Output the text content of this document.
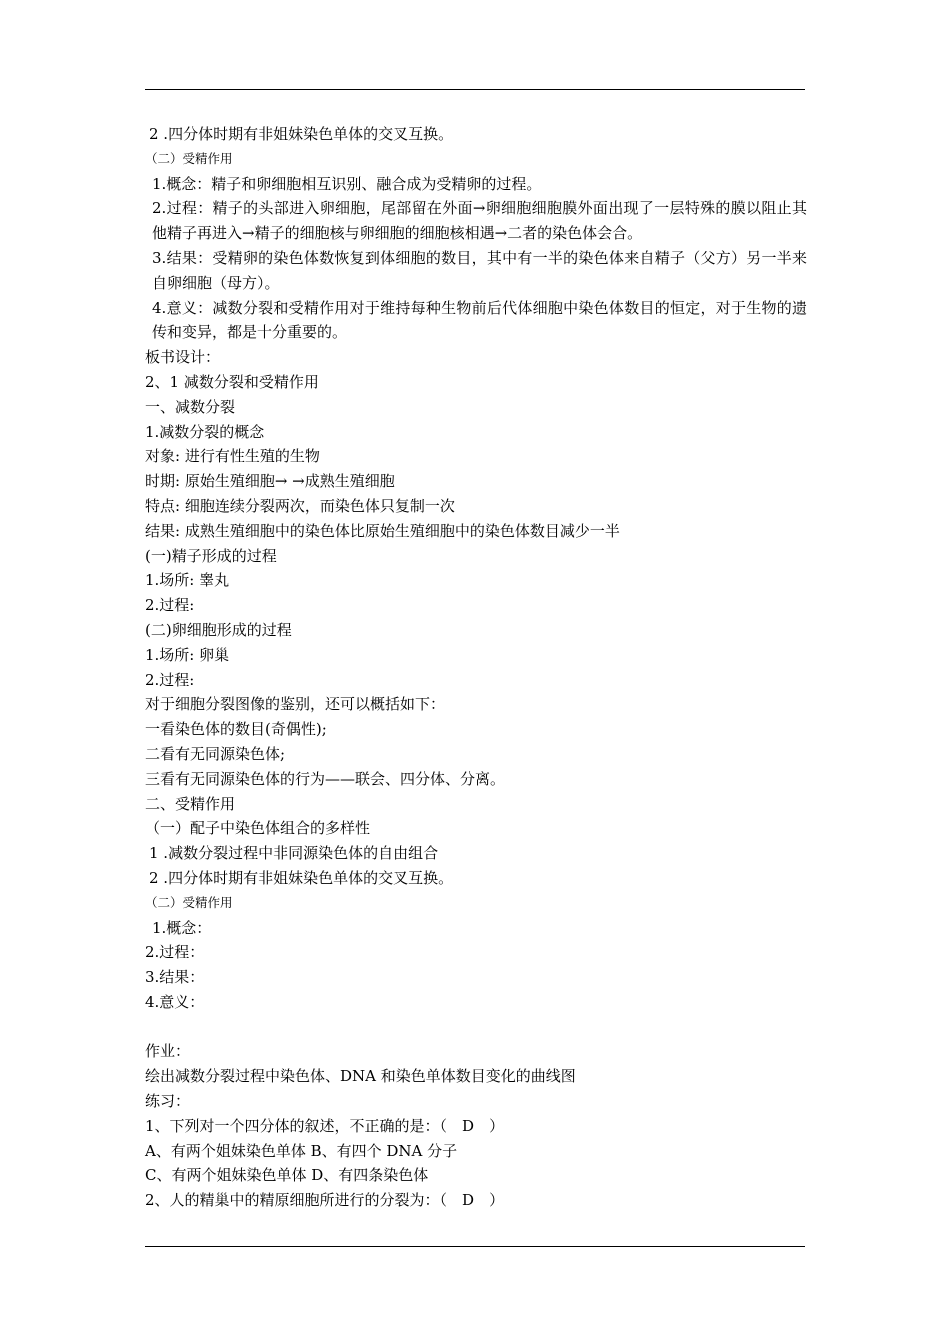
2 .四分体时期有非姐妹染色单体的交叉互换。
（二）受精作用
1.概念：精子和卵细胞相互识别、融合成为受精卵的过程。
2.过程：精子的头部进入卵细胞，尾部留在外面→卵细胞细胞膜外面出现了一层特殊的膜以阻止其他精子再进入→精子的细胞核与卵细胞的细胞核相遇→二者的染色体会合。
3.结果：受精卵的染色体数恢复到体细胞的数目，其中有一半的染色体来自精子（父方）另一半来自卵细胞（母方）。
4.意义：减数分裂和受精作用对于维持每种生物前后代体细胞中染色体数目的恒定，对于生物的遗传和变异，都是十分重要的。
板书设计：
2、1 减数分裂和受精作用
一、减数分裂
1.减数分裂的概念
对象: 进行有性生殖的生物
时期: 原始生殖细胞→ →成熟生殖细胞
特点: 细胞连续分裂两次，而染色体只复制一次
结果: 成熟生殖细胞中的染色体比原始生殖细胞中的染色体数目减少一半
(一)精子形成的过程
1.场所: 睾丸
2.过程:
(二)卵细胞形成的过程
1.场所: 卵巢
2.过程:
对于细胞分裂图像的鉴别，还可以概括如下：
一看染色体的数目(奇偶性);
二看有无同源染色体;
三看有无同源染色体的行为——联会、四分体、分离。
二、受精作用
（一）配子中染色体组合的多样性
1 .减数分裂过程中非同源染色体的自由组合
2 .四分体时期有非姐妹染色单体的交叉互换。
（二）受精作用
1.概念：
2.过程：
3.结果：
4.意义：
作业：
绘出减数分裂过程中染色体、DNA 和染色单体数目变化的曲线图
练习：
1、下列对一个四分体的叙述，不正确的是：（　D　）
A、有两个姐妹染色单体 B、有四个 DNA 分子
C、有两个姐妹染色单体 D、有四条染色体
2、人的精巢中的精原细胞所进行的分裂为：（　D　）
